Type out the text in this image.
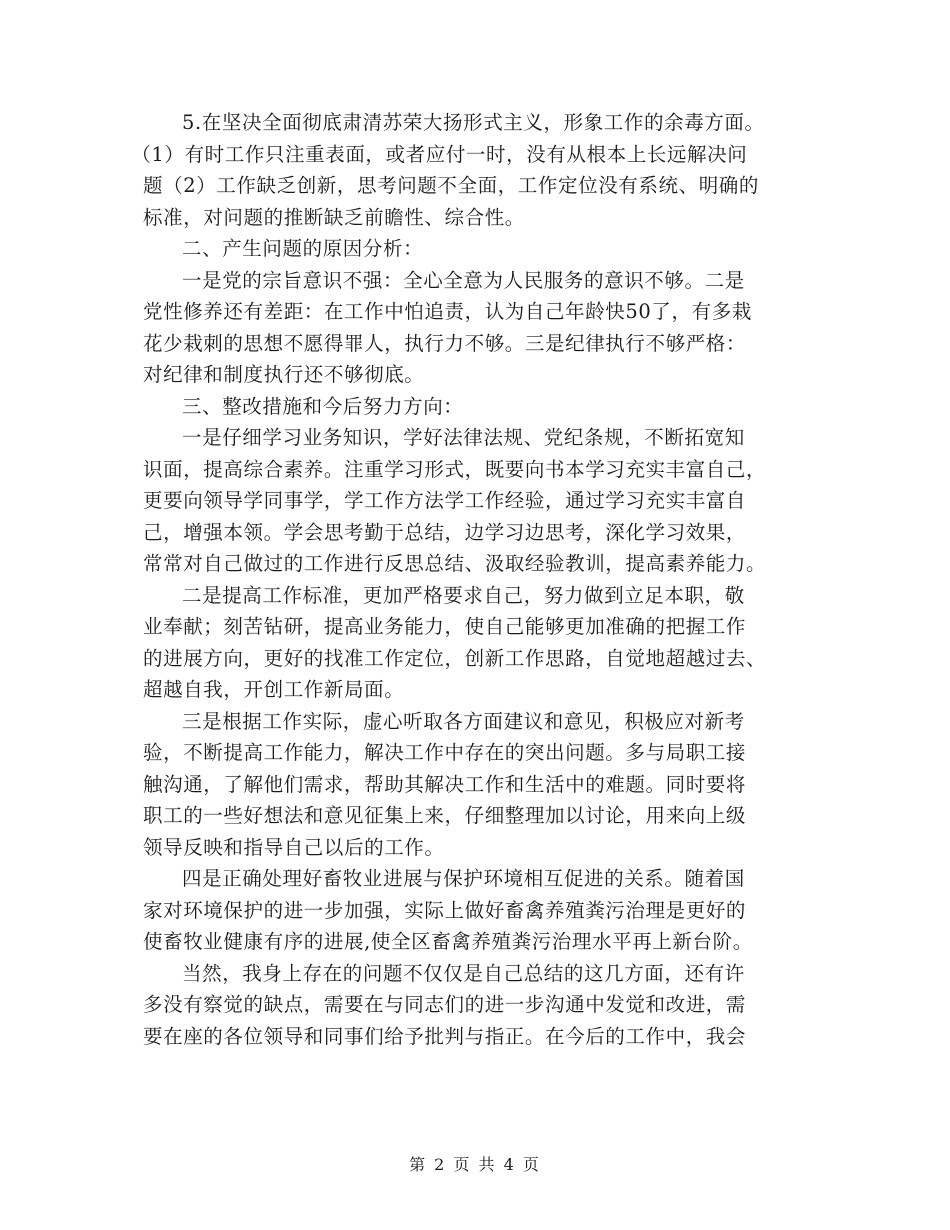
5.在坚决全面彻底肃清苏荣大扬形式主义，形象工作的余毒方面。
（1）有时工作只注重表面，或者应付一时，没有从根本上长远解决问
题（2）工作缺乏创新，思考问题不全面，工作定位没有系统、明确的
标准，对问题的推断缺乏前瞻性、综合性。
二、产生问题的原因分析：
一是党的宗旨意识不强：全心全意为人民服务的意识不够。二是
党性修养还有差距：在工作中怕追责，认为自己年龄快50了，有多栽
花少栽刺的思想不愿得罪人，执行力不够。三是纪律执行不够严格：
对纪律和制度执行还不够彻底。
三、整改措施和今后努力方向：
一是仔细学习业务知识，学好法律法规、党纪条规，不断拓宽知
识面，提高综合素养。注重学习形式，既要向书本学习充实丰富自己，
更要向领导学同事学，学工作方法学工作经验，通过学习充实丰富自
己，增强本领。学会思考勤于总结，边学习边思考，深化学习效果，
常常对自己做过的工作进行反思总结、汲取经验教训，提高素养能力。
二是提高工作标准，更加严格要求自己，努力做到立足本职，敬
业奉献；刻苦钻研，提高业务能力，使自己能够更加准确的把握工作
的进展方向，更好的找准工作定位，创新工作思路，自觉地超越过去、
超越自我，开创工作新局面。
三是根据工作实际，虚心听取各方面建议和意见，积极应对新考
验，不断提高工作能力，解决工作中存在的突出问题。多与局职工接
触沟通，了解他们需求，帮助其解决工作和生活中的难题。同时要将
职工的一些好想法和意见征集上来，仔细整理加以讨论，用来向上级
领导反映和指导自己以后的工作。
四是正确处理好畜牧业进展与保护环境相互促进的关系。随着国
家对环境保护的进一步加强，实际上做好畜禽养殖粪污治理是更好的
使畜牧业健康有序的进展,使全区畜禽养殖粪污治理水平再上新台阶。
当然，我身上存在的问题不仅仅是自己总结的这几方面，还有许
多没有察觉的缺点，需要在与同志们的进一步沟通中发觉和改进，需
要在座的各位领导和同事们给予批判与指正。在今后的工作中，我会
第 2 页 共 4 页
